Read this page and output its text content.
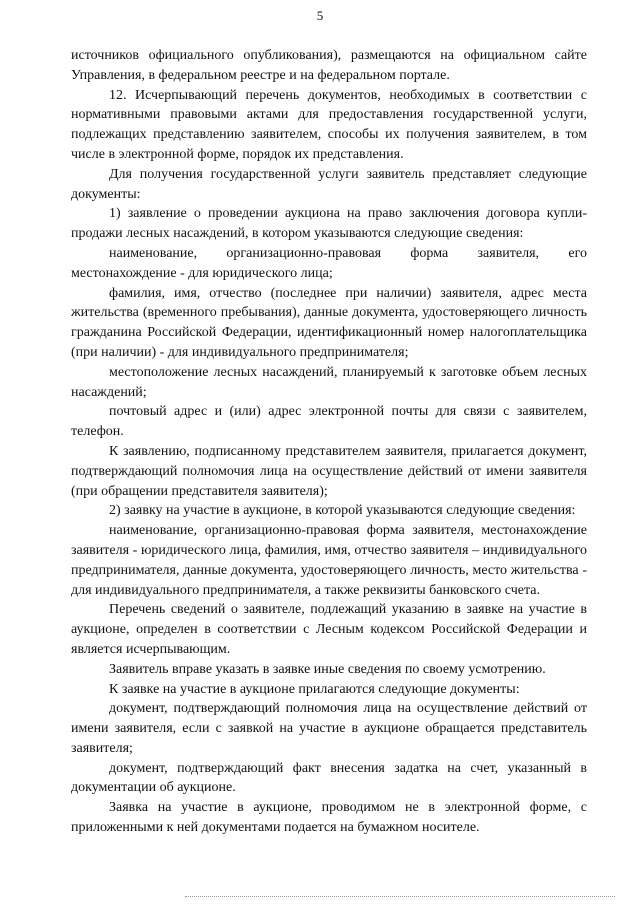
5

источников официального опубликования), размещаются на официальном сайте Управления, в федеральном реестре и на федеральном портале.

12. Исчерпывающий перечень документов, необходимых в соответствии с нормативными правовыми актами для предоставления государственной услуги, подлежащих представлению заявителем, способы их получения заявителем, в том числе в электронной форме, порядок их представления.

Для получения государственной услуги заявитель представляет следующие документы:

1) заявление о проведении аукциона на право заключения договора купли-продажи лесных насаждений, в котором указываются следующие сведения:

наименование, организационно-правовая форма заявителя, его местонахождение - для юридического лица;

фамилия, имя, отчество (последнее при наличии) заявителя, адрес места жительства (временного пребывания), данные документа, удостоверяющего личность гражданина Российской Федерации, идентификационный номер налогоплательщика (при наличии) - для индивидуального предпринимателя;

местоположение лесных насаждений, планируемый к заготовке объем лесных насаждений;

почтовый адрес и (или) адрес электронной почты для связи с заявителем, телефон.

К заявлению, подписанному представителем заявителя, прилагается документ, подтверждающий полномочия лица на осуществление действий от имени заявителя (при обращении представителя заявителя);

2) заявку на участие в аукционе, в которой указываются следующие сведения:

наименование, организационно-правовая форма заявителя, местонахождение заявителя - юридического лица, фамилия, имя, отчество заявителя – индивидуального предпринимателя, данные документа, удостоверяющего личность, место жительства - для индивидуального предпринимателя, а также реквизиты банковского счета.

Перечень сведений о заявителе, подлежащий указанию в заявке на участие в аукционе, определен в соответствии с Лесным кодексом Российской Федерации и является исчерпывающим.

Заявитель вправе указать в заявке иные сведения по своему усмотрению.

К заявке на участие в аукционе прилагаются следующие документы:

документ, подтверждающий полномочия лица на осуществление действий от имени заявителя, если с заявкой на участие в аукционе обращается представитель заявителя;

документ, подтверждающий факт внесения задатка на счет, указанный в документации об аукционе.

Заявка на участие в аукционе, проводимом не в электронной форме, с приложенными к ней документами подается на бумажном носителе.
